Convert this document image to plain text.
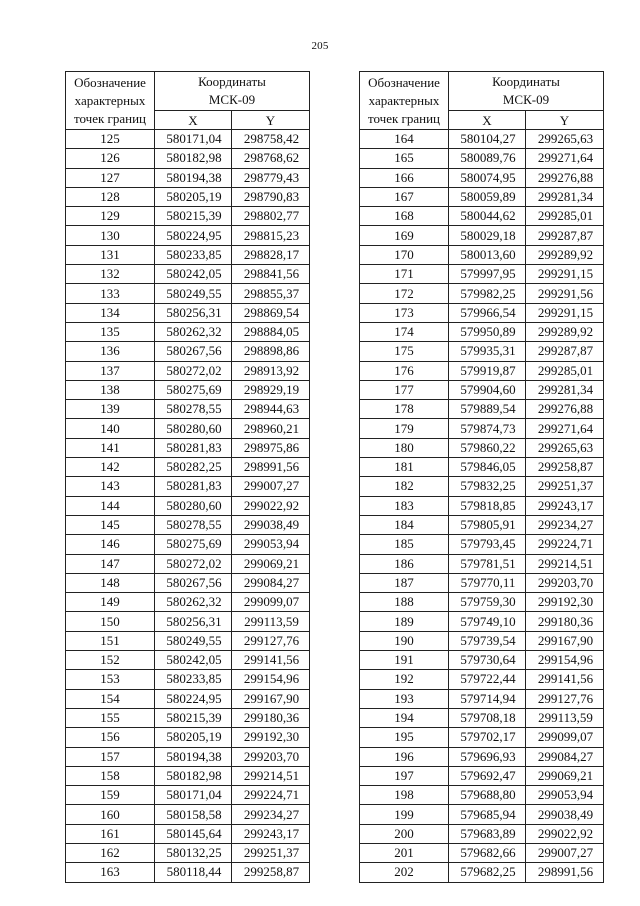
205
Обозначение
характерных
точек границ	Координаты
МСК-09	
	X	Y
125	580171,04	298758,42
126	580182,98	298768,62
127	580194,38	298779,43
128	580205,19	298790,83
129	580215,39	298802,77
130	580224,95	298815,23
131	580233,85	298828,17
132	580242,05	298841,56
133	580249,55	298855,37
134	580256,31	298869,54
135	580262,32	298884,05
136	580267,56	298898,86
137	580272,02	298913,92
138	580275,69	298929,19
139	580278,55	298944,63
140	580280,60	298960,21
141	580281,83	298975,86
142	580282,25	298991,56
143	580281,83	299007,27
144	580280,60	299022,92
145	580278,55	299038,49
146	580275,69	299053,94
147	580272,02	299069,21
148	580267,56	299084,27
149	580262,32	299099,07
150	580256,31	299113,59
151	580249,55	299127,76
152	580242,05	299141,56
153	580233,85	299154,96
154	580224,95	299167,90
155	580215,39	299180,36
156	580205,19	299192,30
157	580194,38	299203,70
158	580182,98	299214,51
159	580171,04	299224,71
160	580158,58	299234,27
161	580145,64	299243,17
162	580132,25	299251,37
163	580118,44	299258,87
Обозначение
характерных
точек границ	Координаты
МСК-09	
	X	Y
164	580104,27	299265,63
165	580089,76	299271,64
166	580074,95	299276,88
167	580059,89	299281,34
168	580044,62	299285,01
169	580029,18	299287,87
170	580013,60	299289,92
171	579997,95	299291,15
172	579982,25	299291,56
173	579966,54	299291,15
174	579950,89	299289,92
175	579935,31	299287,87
176	579919,87	299285,01
177	579904,60	299281,34
178	579889,54	299276,88
179	579874,73	299271,64
180	579860,22	299265,63
181	579846,05	299258,87
182	579832,25	299251,37
183	579818,85	299243,17
184	579805,91	299234,27
185	579793,45	299224,71
186	579781,51	299214,51
187	579770,11	299203,70
188	579759,30	299192,30
189	579749,10	299180,36
190	579739,54	299167,90
191	579730,64	299154,96
192	579722,44	299141,56
193	579714,94	299127,76
194	579708,18	299113,59
195	579702,17	299099,07
196	579696,93	299084,27
197	579692,47	299069,21
198	579688,80	299053,94
199	579685,94	299038,49
200	579683,89	299022,92
201	579682,66	299007,27
202	579682,25	298991,56
